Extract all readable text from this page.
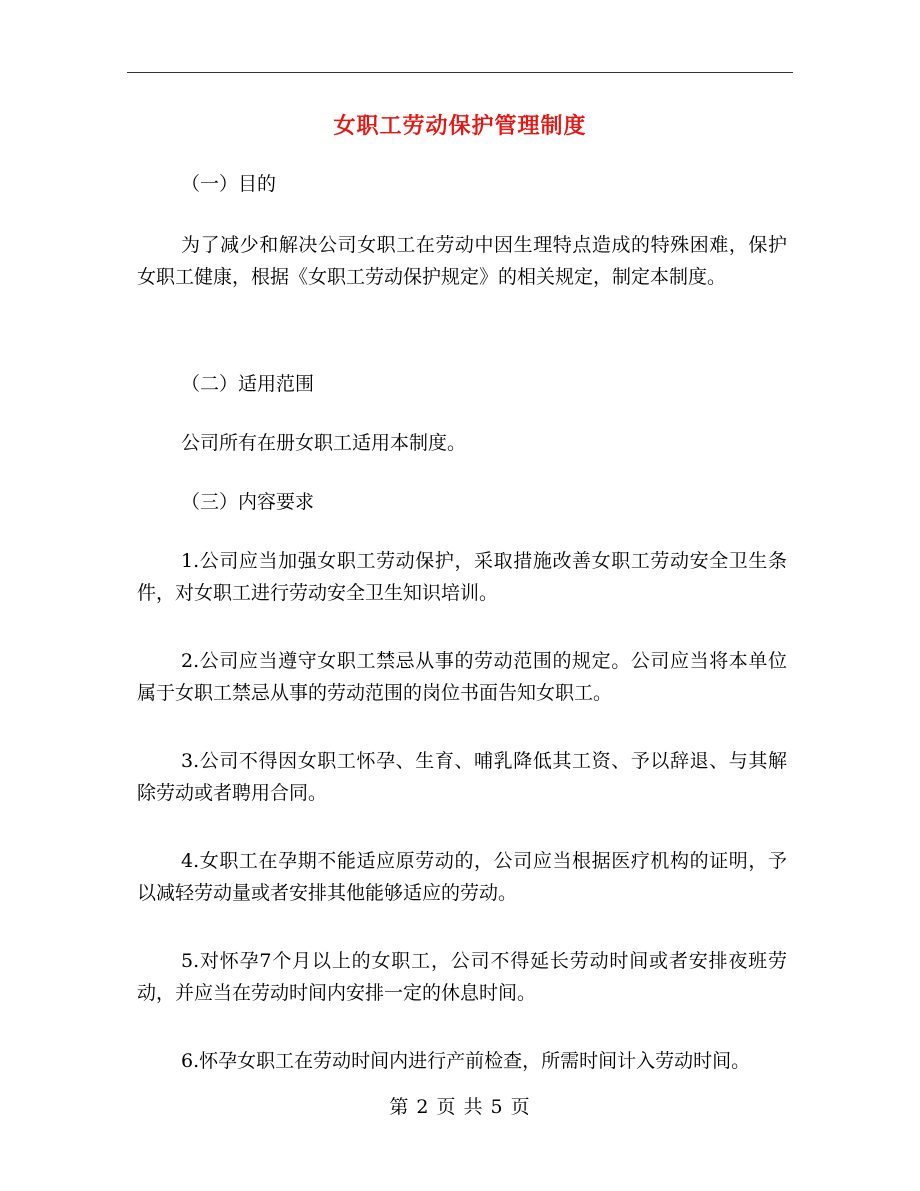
女职工劳动保护管理制度
（一）目的
为了减少和解决公司女职工在劳动中因生理特点造成的特殊困难，保护女职工健康，根据《女职工劳动保护规定》的相关规定，制定本制度。
（二）适用范围
公司所有在册女职工适用本制度。
（三）内容要求
1.公司应当加强女职工劳动保护，采取措施改善女职工劳动安全卫生条件，对女职工进行劳动安全卫生知识培训。
2.公司应当遵守女职工禁忌从事的劳动范围的规定。公司应当将本单位属于女职工禁忌从事的劳动范围的岗位书面告知女职工。
3.公司不得因女职工怀孕、生育、哺乳降低其工资、予以辞退、与其解除劳动或者聘用合同。
4.女职工在孕期不能适应原劳动的，公司应当根据医疗机构的证明，予以减轻劳动量或者安排其他能够适应的劳动。
5.对怀孕7个月以上的女职工，公司不得延长劳动时间或者安排夜班劳动，并应当在劳动时间内安排一定的休息时间。
6.怀孕女职工在劳动时间内进行产前检查，所需时间计入劳动时间。
第 2 页 共 5 页
